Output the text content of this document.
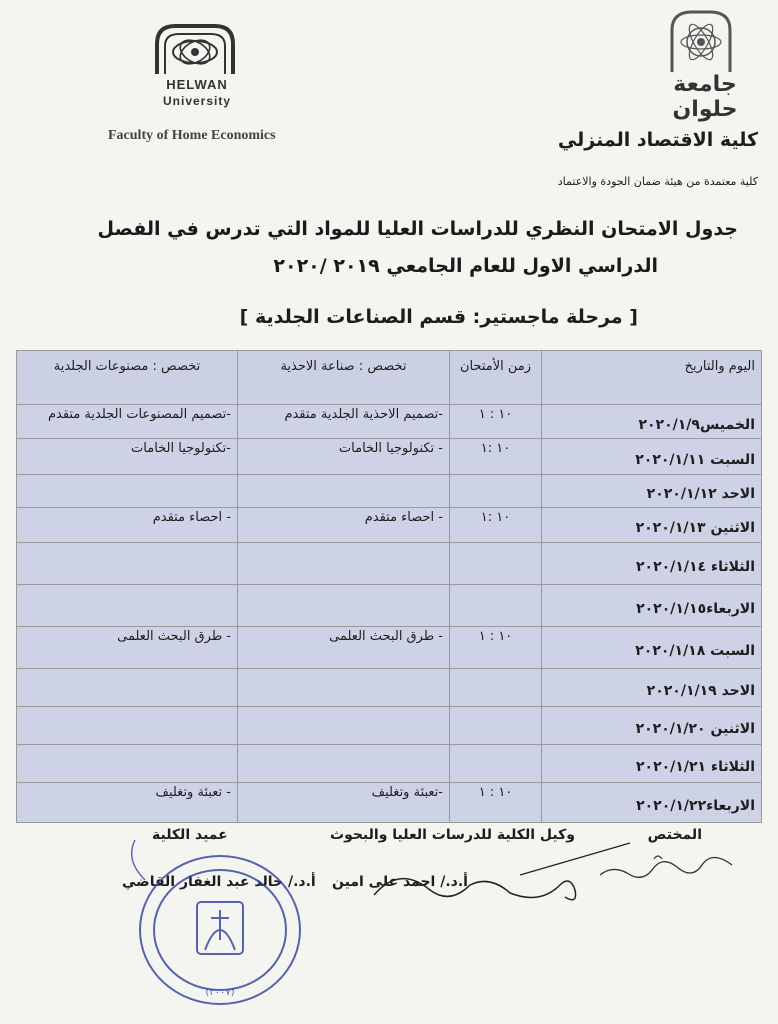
HELWAN
University
Faculty of Home Economics
جامعة حلوان
كلية الاقتصاد المنزلي
كلية معتمدة من هيئة ضمان الجودة والاعتماد
جدول الامتحان النظري للدراسات العليا للمواد التي تدرس في الفصل
الدراسي الاول للعام الجامعي ٢٠١٩ /٢٠٢٠
[ مرحلة ماجستير: قسم الصناعات الجلدية ]
اليوم والتاريخ	زمن الأمتحان	تخصص : صناعة الاحذية	تخصص : مصنوعات الجلدية
الخميس٢٠٢٠/١/٩	١٠ : ١	-تصميم الاحذية الجلدية متقدم	-تصميم المصنوعات الجلدية متقدم
السبت ٢٠٢٠/١/١١	١٠ :١	- تكنولوجيا الخامات	-تكنولوجيا الخامات
الاحد ٢٠٢٠/١/١٢			
الاثنين ٢٠٢٠/١/١٣	١٠ :١	- احصاء متقدم	- احصاء متقدم
الثلاثاء ٢٠٢٠/١/١٤			
الاربعاء٢٠٢٠/١/١٥			
السبت ٢٠٢٠/١/١٨	١٠ : ١	- طرق البحث العلمى	- طرق البحث العلمى
الاحد ٢٠٢٠/١/١٩			
الاثنين ٢٠٢٠/١/٢٠			
الثلاثاء ٢٠٢٠/١/٢١			
الاربعاء٢٠٢٠/١/٢٢	١٠ : ١	-تعبئة وتغليف	- تعبئة وتغليف
المختص
وكيل الكلية للدرسات العليا والبحوث
عميد الكلية
أ.د./ احمد على امين
أ.د./ خالد عبد الغفار القاضي
(۲۰۰۷)
